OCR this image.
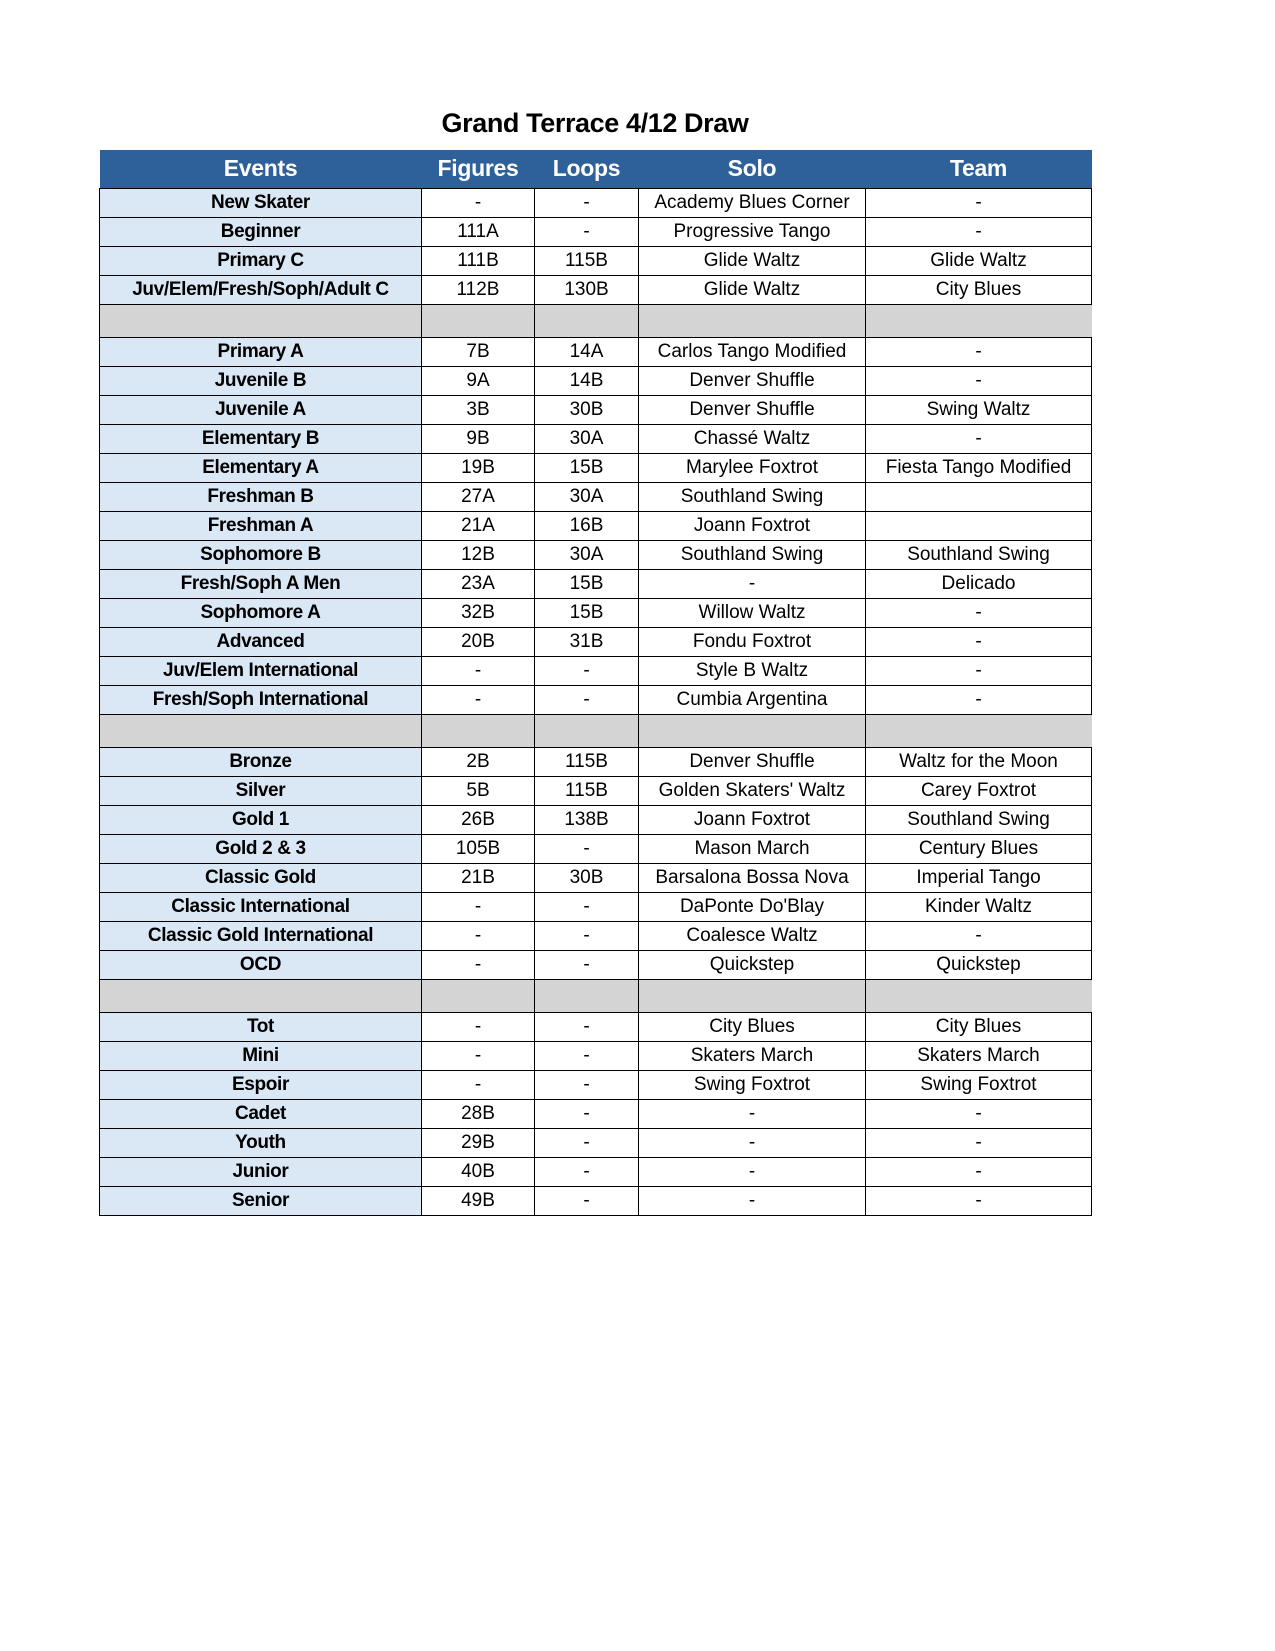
Grand Terrace 4/12 Draw
Events	Figures	Loops	Solo	Team
New Skater	-	-	Academy Blues Corner	-
Beginner	111A	-	Progressive Tango	-
Primary C	111B	115B	Glide Waltz	Glide Waltz
Juv/Elem/Fresh/Soph/Adult C	112B	130B	Glide Waltz	City Blues

Primary A	7B	14A	Carlos Tango Modified	-
Juvenile B	9A	14B	Denver Shuffle	-
Juvenile A	3B	30B	Denver Shuffle	Swing Waltz
Elementary B	9B	30A	Chassé Waltz	-
Elementary A	19B	15B	Marylee Foxtrot	Fiesta Tango Modified
Freshman B	27A	30A	Southland Swing	
Freshman A	21A	16B	Joann Foxtrot	
Sophomore B	12B	30A	Southland Swing	Southland Swing
Fresh/Soph A Men	23A	15B	-	Delicado
Sophomore A	32B	15B	Willow Waltz	-
Advanced	20B	31B	Fondu Foxtrot	-
Juv/Elem International	-	-	Style B Waltz	-
Fresh/Soph International	-	-	Cumbia Argentina	-

Bronze	2B	115B	Denver Shuffle	Waltz for the Moon
Silver	5B	115B	Golden Skaters' Waltz	Carey Foxtrot
Gold 1	26B	138B	Joann Foxtrot	Southland Swing
Gold 2 & 3	105B	-	Mason March	Century Blues
Classic Gold	21B	30B	Barsalona Bossa Nova	Imperial Tango
Classic International	-	-	DaPonte Do'Blay	Kinder Waltz
Classic Gold International	-	-	Coalesce Waltz	-
OCD	-	-	Quickstep	Quickstep

Tot	-	-	City Blues	City Blues
Mini	-	-	Skaters March	Skaters March
Espoir	-	-	Swing Foxtrot	Swing Foxtrot
Cadet	28B	-	-	-
Youth	29B	-	-	-
Junior	40B	-	-	-
Senior	49B	-	-	-
